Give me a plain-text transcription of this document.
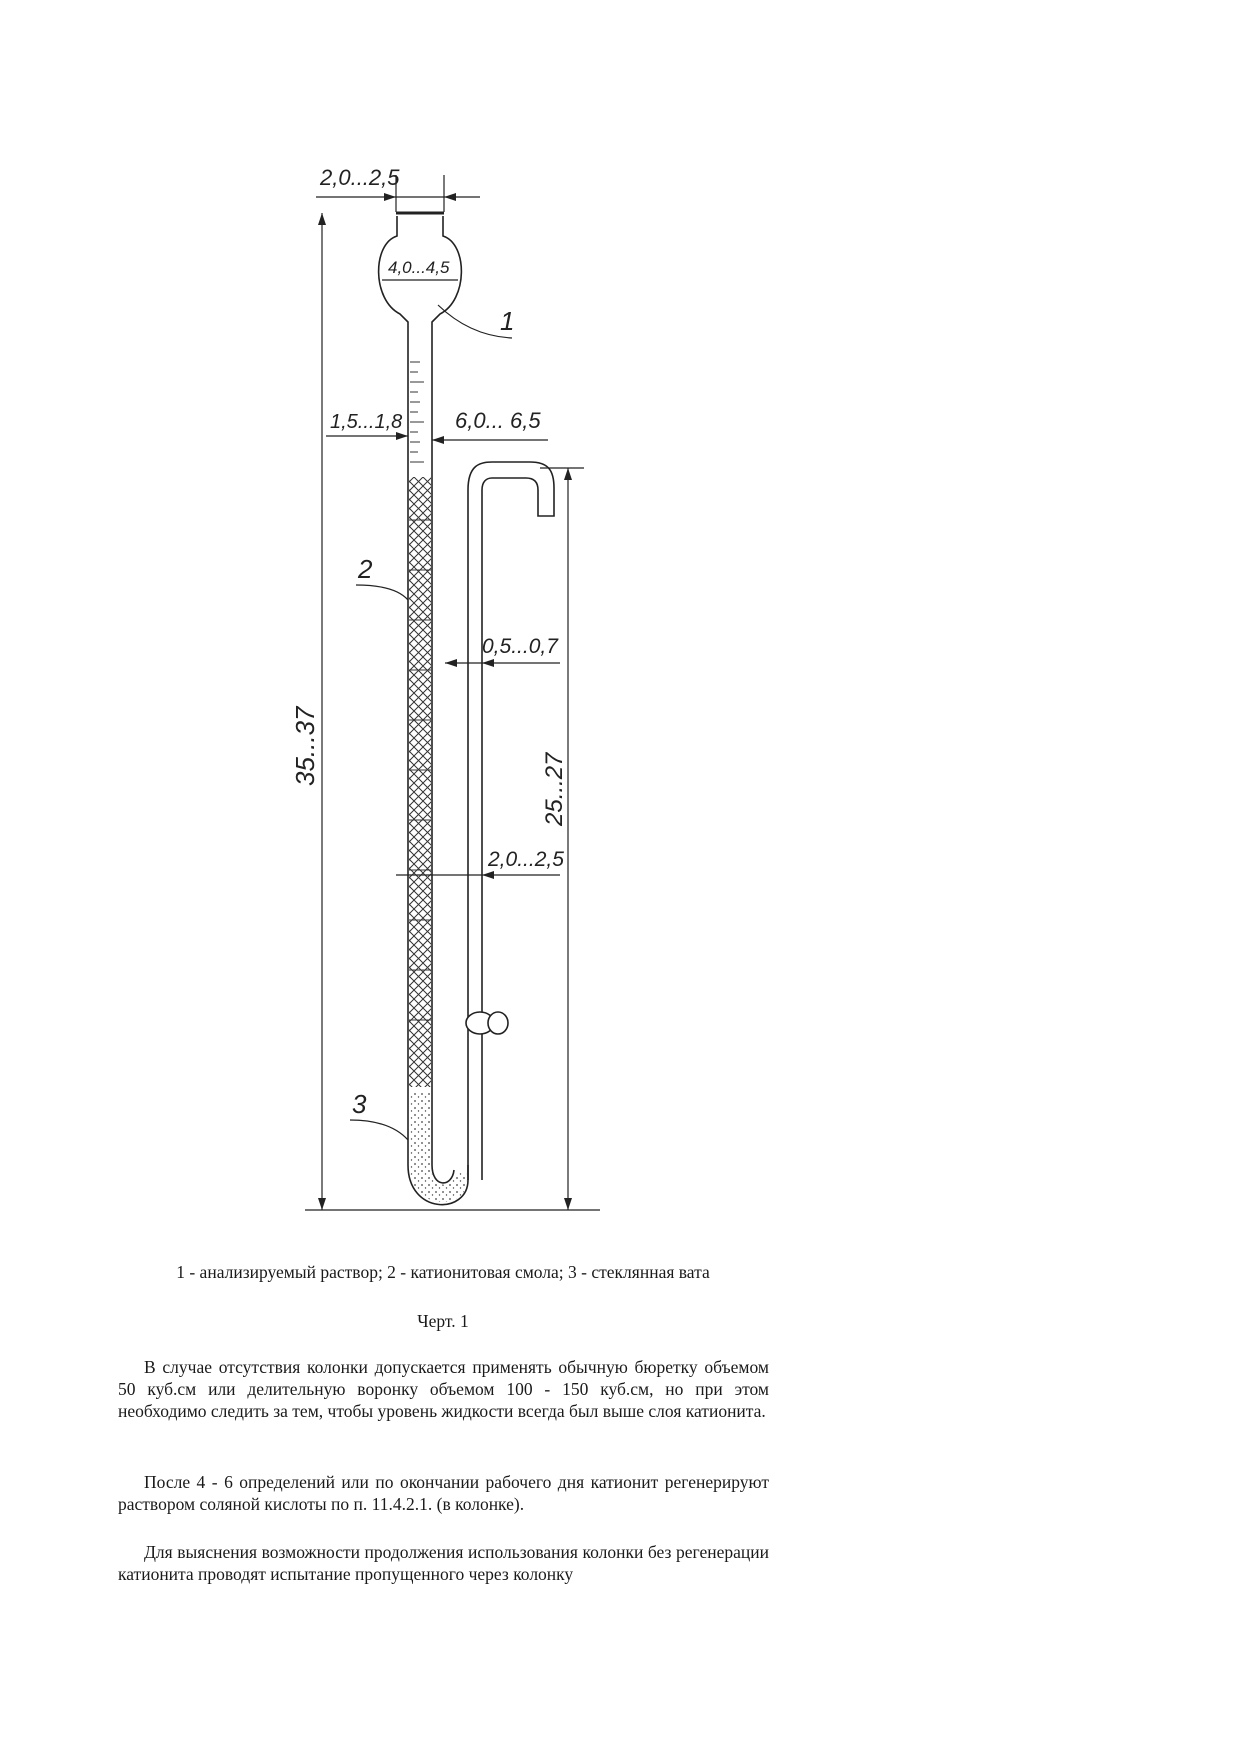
2,0...2,5
4,0...4,5
1,5...1,8 6,0... 6,5
0,5...0,7
2,0...2,5
35...37
25...27
1
2
3
1 - анализируемый раствор; 2 - катионитовая смола; 3 - стеклянная вата
Черт. 1

В случае отсутствия колонки допускается применять обычную бюретку объемом 50 куб.см или делительную воронку объемом 100 - 150 куб.см, но при этом необходимо следить за тем, чтобы уровень жидкости всегда был выше слоя катионита.

После 4 - 6 определений или по окончании рабочего дня катионит регенерируют раствором соляной кислоты по п. 11.4.2.1. (в колонке).

Для выяснения возможности продолжения использования колонки без регенерации катионита проводят испытание пропущенного через колонку
